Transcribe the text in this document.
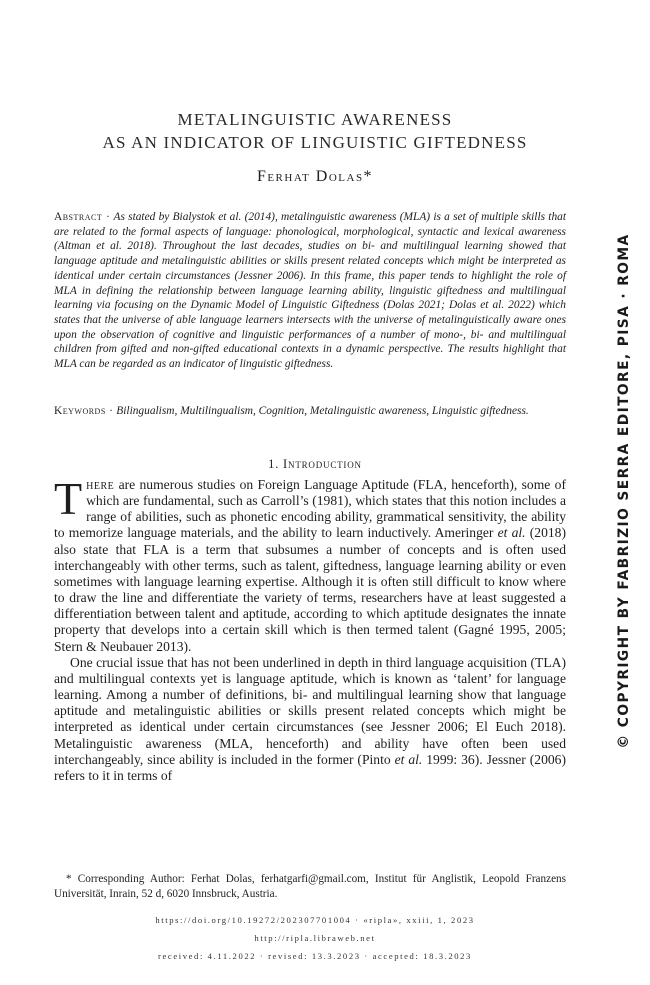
METALINGUISTIC AWARENESS
AS AN INDICATOR OF LINGUISTIC GIFTEDNESS
Ferhat Dolas*
Abstract · As stated by Bialystok et al. (2014), metalinguistic awareness (MLA) is a set of multiple skills that are related to the formal aspects of language: phonological, morphological, syntactic and lexical awareness (Altman et al. 2018). Throughout the last decades, studies on bi- and multilingual learning showed that language aptitude and metalinguistic abilities or skills present related concepts which might be interpreted as identical under certain circumstances (Jessner 2006). In this frame, this paper tends to highlight the role of MLA in defining the relationship between language learning ability, linguistic giftedness and multilingual learning via focusing on the Dynamic Model of Linguistic Giftedness (Dolas 2021; Dolas et al. 2022) which states that the universe of able language learners intersects with the universe of metalinguistically aware ones upon the observation of cognitive and linguistic performances of a number of mono-, bi- and multilingual children from gifted and non-gifted educational contexts in a dynamic perspective. The results highlight that MLA can be regarded as an indicator of linguistic giftedness.
Keywords · Bilingualism, Multilingualism, Cognition, Metalinguistic awareness, Linguistic giftedness.
1. Introduction

There are numerous studies on Foreign Language Aptitude (FLA, henceforth), some of which are fundamental, such as Carroll’s (1981), which states that this notion includes a range of abilities, such as phonetic encoding ability, grammatical sensitivity, the ability to memorize language materials, and the ability to learn inductively. Ameringer et al. (2018) also state that FLA is a term that subsumes a number of concepts and is often used interchangeably with other terms, such as talent, giftedness, language learning ability or even sometimes with language learning expertise. Although it is often still difficult to know where to draw the line and differentiate the variety of terms, researchers have at least suggested a differentiation between talent and aptitude, according to which aptitude designates the innate property that develops into a certain skill which is then termed talent (Gagné 1995, 2005; Stern & Neubauer 2013).

One crucial issue that has not been underlined in depth in third language acquisition (TLA) and multilingual contexts yet is language aptitude, which is known as ‘talent’ for language learning. Among a number of definitions, bi- and multilingual learning show that language aptitude and metalinguistic abilities or skills present related concepts which might be interpreted as identical under certain circumstances (see Jessner 2006; El Euch 2018). Metalinguistic awareness (MLA, henceforth) and ability have often been used interchangeably, since ability is included in the former (Pinto et al. 1999: 36). Jessner (2006) refers to it in terms of

* Corresponding Author: Ferhat Dolas, ferhatgarfi@gmail.com, Institut für Anglistik, Leopold Franzens Universität, Inrain, 52 d, 6020 Innsbruck, Austria.
https://doi.org/10.19272/202307701004 · «ripla», xxiii, 1, 2023
http://ripla.libraweb.net
received: 4.11.2022 · revised: 13.3.2023 · accepted: 18.3.2023
© COPYRIGHT BY FABRIZIO SERRA EDITORE, PISA · ROMA
